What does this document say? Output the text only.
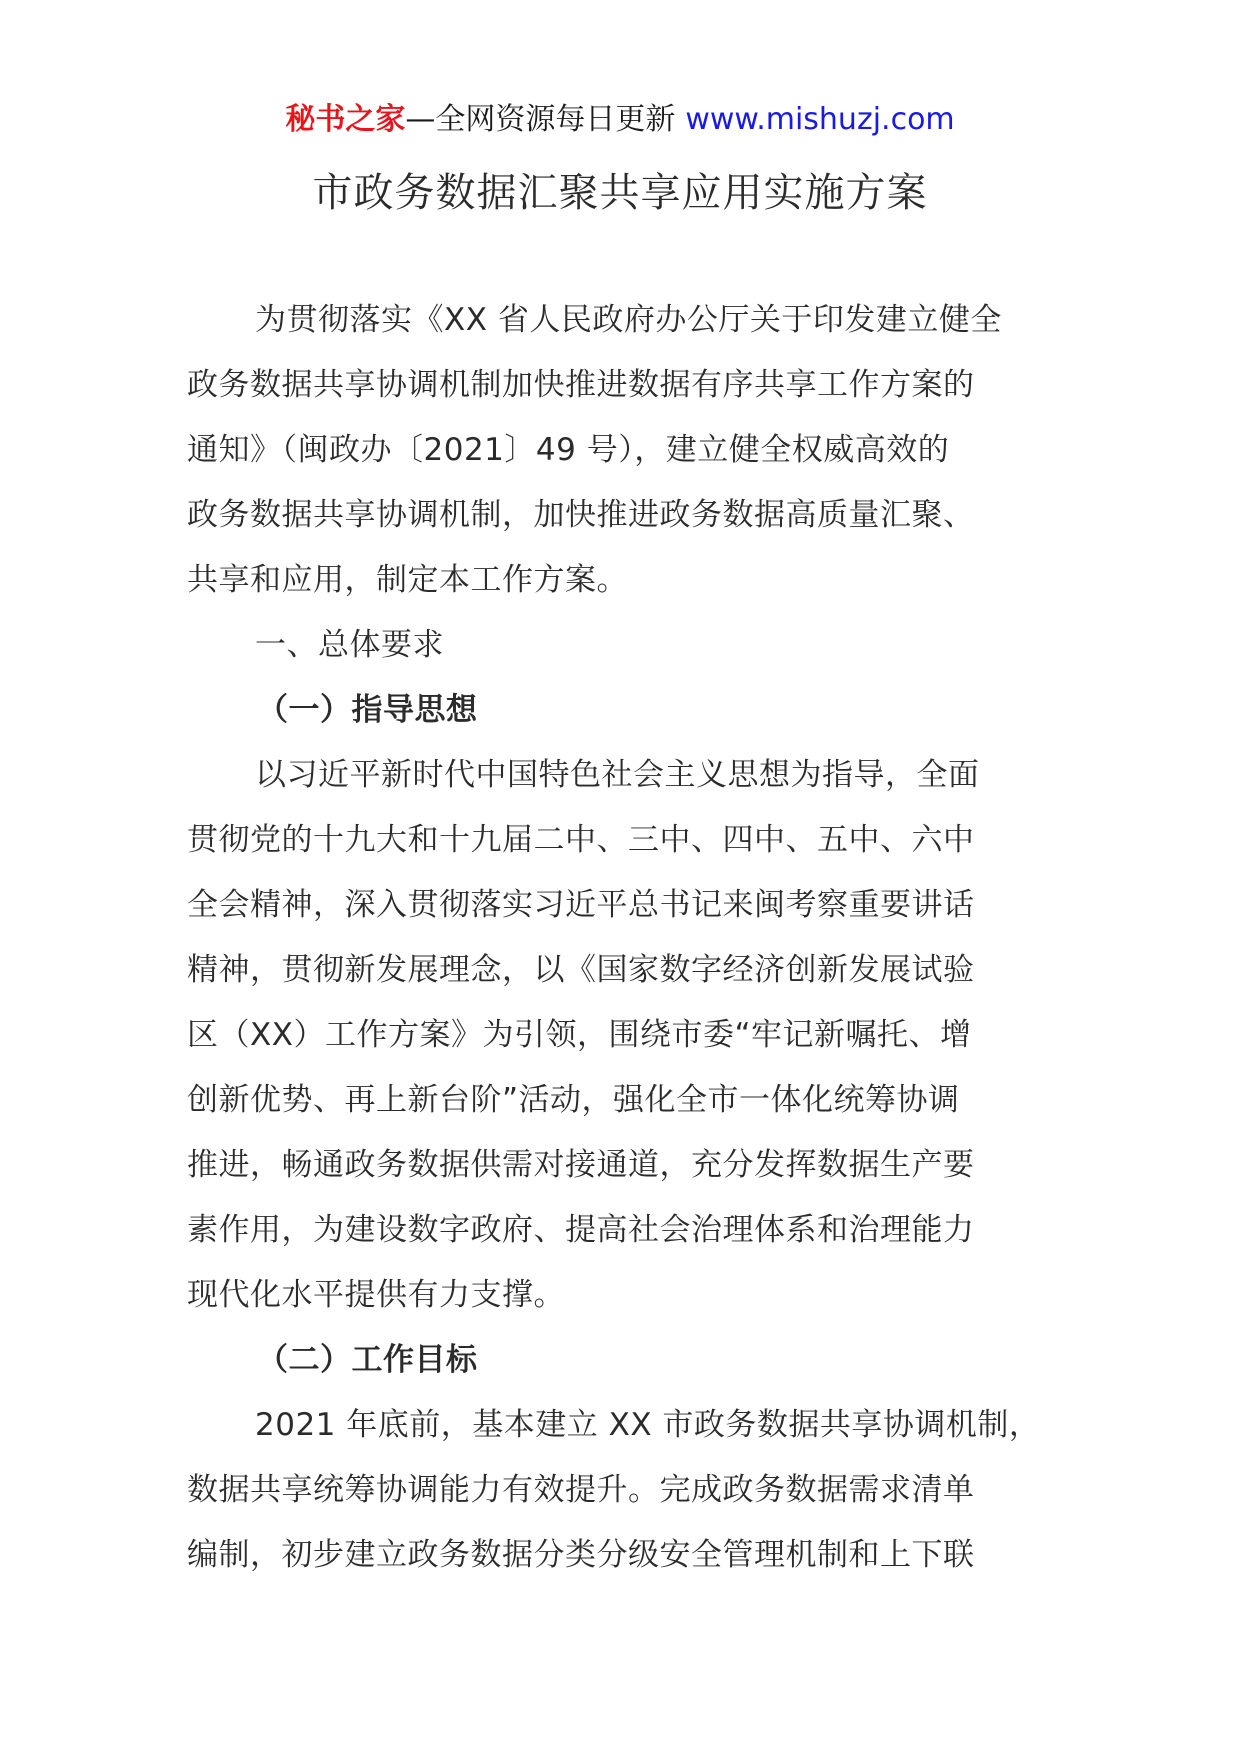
秘书之家—全网资源每日更新 www.mishuzj.com
市政务数据汇聚共享应用实施方案
为贯彻落实《XX 省人民政府办公厅关于印发建立健全
政务数据共享协调机制加快推进数据有序共享工作方案的
通知》（闽政办〔2021〕49 号），建立健全权威高效的
政务数据共享协调机制，加快推进政务数据高质量汇聚、
共享和应用，制定本工作方案。
一、总体要求
（一）指导思想
以习近平新时代中国特色社会主义思想为指导，全面
贯彻党的十九大和十九届二中、三中、四中、五中、六中
全会精神，深入贯彻落实习近平总书记来闽考察重要讲话
精神，贯彻新发展理念，以《国家数字经济创新发展试验
区（XX）工作方案》为引领，围绕市委“牢记新嘱托、增
创新优势、再上新台阶”活动，强化全市一体化统筹协调
推进，畅通政务数据供需对接通道，充分发挥数据生产要
素作用，为建设数字政府、提高社会治理体系和治理能力
现代化水平提供有力支撑。
（二）工作目标
2021 年底前，基本建立 XX 市政务数据共享协调机制，
数据共享统筹协调能力有效提升。完成政务数据需求清单
编制，初步建立政务数据分类分级安全管理机制和上下联
